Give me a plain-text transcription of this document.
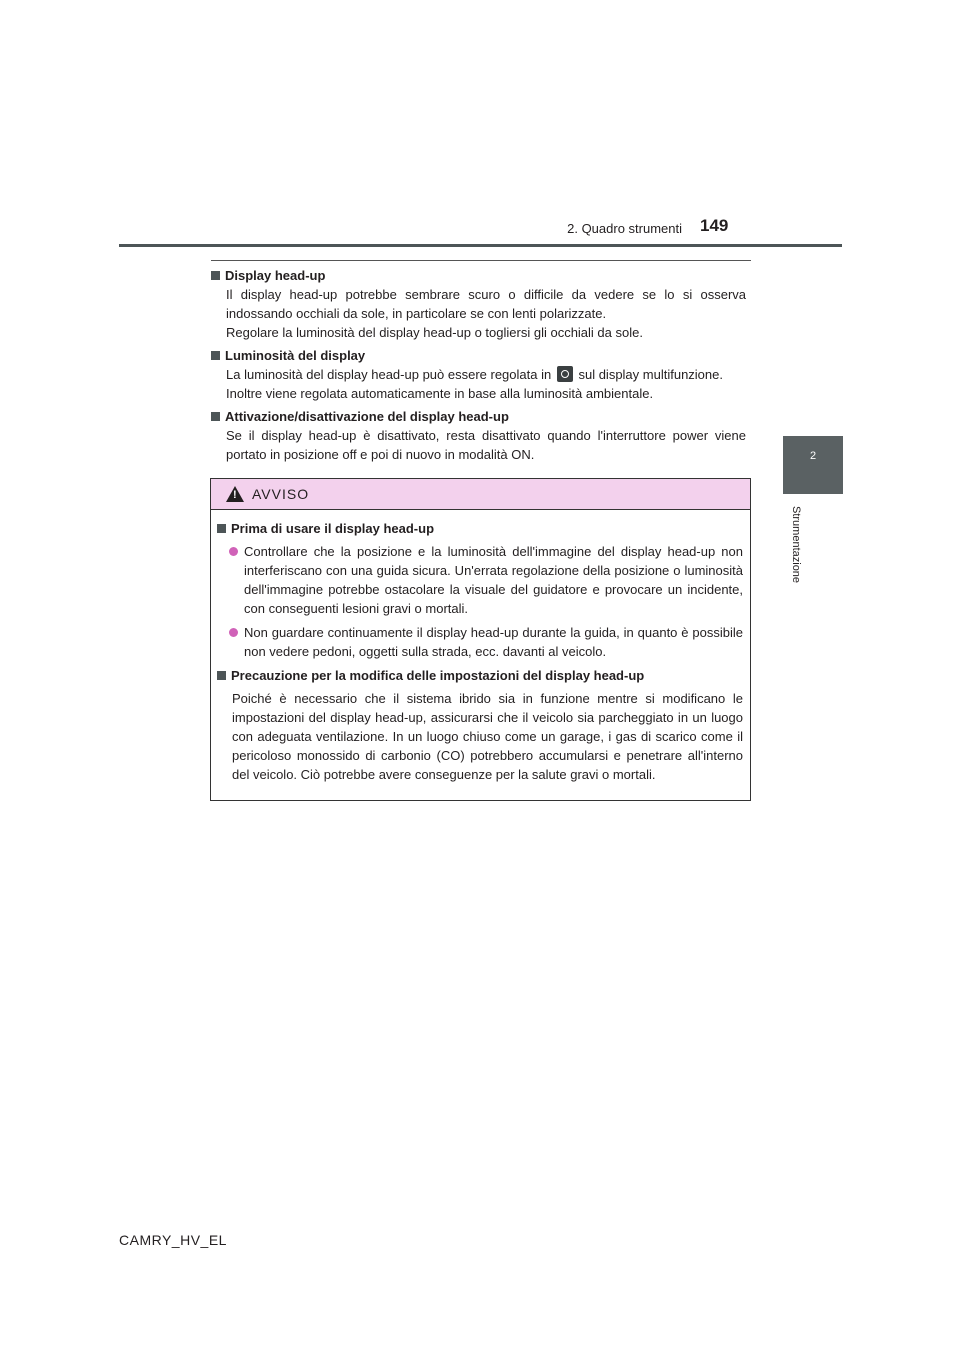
2. Quadro strumenti 149
2
Strumentazione
Display head-up

Il display head-up potrebbe sembrare scuro o difficile da vedere se lo si osserva indossando occhiali da sole, in particolare se con lenti polarizzate.

Regolare la luminosità del display head-up o togliersi gli occhiali da sole.

Luminosità del display

La luminosità del display head-up può essere regolata in sul display multifunzione.

Inoltre viene regolata automaticamente in base alla luminosità ambientale.

Attivazione/disattivazione del display head-up

Se il display head-up è disattivato, resta disattivato quando l'interruttore power viene portato in posizione off e poi di nuovo in modalità ON.

!
AVVISO
Prima di usare il display head-up
Controllare che la posizione e la luminosità dell'immagine del display head-up non interferiscano con una guida sicura. Un'errata regolazione della posizione o luminosità dell'immagine potrebbe ostacolare la visuale del guidatore e provocare un incidente, con conseguenti lesioni gravi o mortali.
Non guardare continuamente il display head-up durante la guida, in quanto è possibile non vedere pedoni, oggetti sulla strada, ecc. davanti al veicolo.
Precauzione per la modifica delle impostazioni del display head-up

Poiché è necessario che il sistema ibrido sia in funzione mentre si modificano le impostazioni del display head-up, assicurarsi che il veicolo sia parcheggiato in un luogo con adeguata ventilazione. In un luogo chiuso come un garage, i gas di scarico come il pericoloso monossido di carbonio (CO) potrebbero accumularsi e penetrare all'interno del veicolo. Ciò potrebbe avere conseguenze per la salute gravi o mortali.

CAMRY_HV_EL
